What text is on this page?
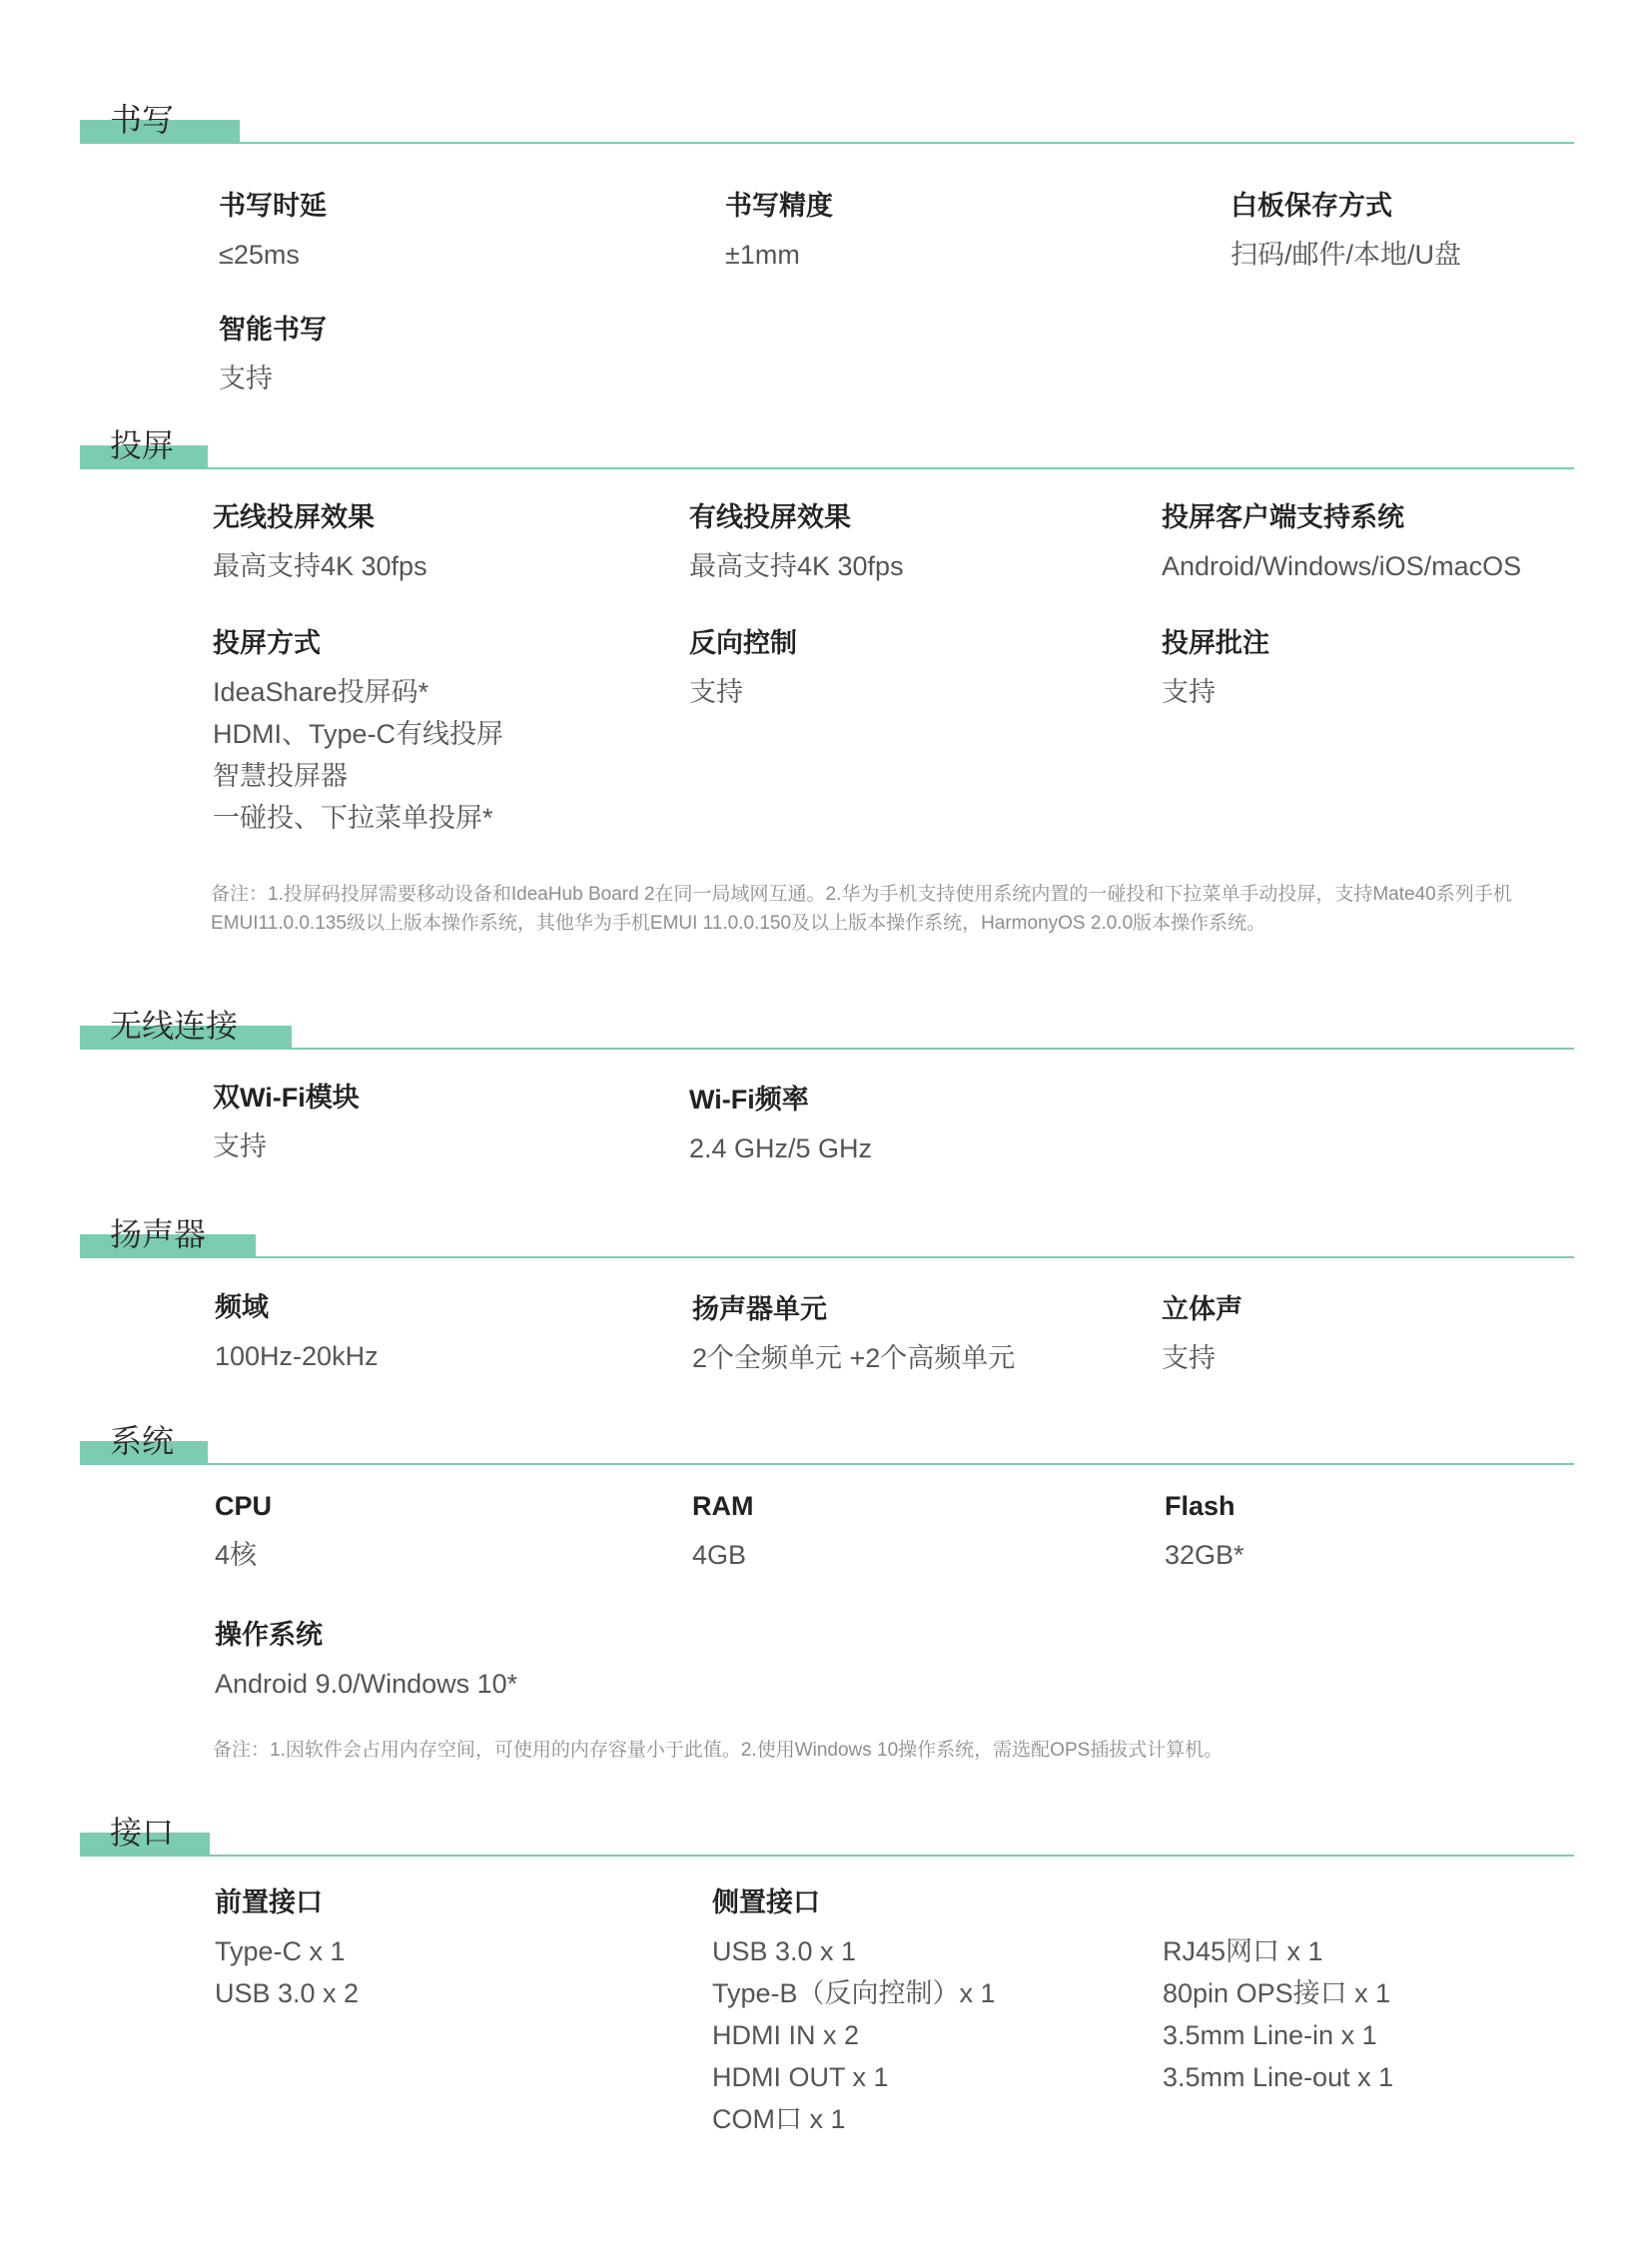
书写
书写时延
≤25ms
书写精度
±1mm
白板保存方式
扫码/邮件/本地/U盘
智能书写
支持
投屏
无线投屏效果
最高支持4K 30fps
有线投屏效果
最高支持4K 30fps
投屏客户端支持系统
Android/Windows/iOS/macOS
投屏方式
IdeaShare投屏码*
HDMI、Type-C有线投屏
智慧投屏器
一碰投、下拉菜单投屏*
反向控制
支持
投屏批注
支持
备注：1.投屏码投屏需要移动设备和IdeaHub Board 2在同一局域网互通。2.华为手机支持使用系统内置的一碰投和下拉菜单手动投屏，支持Mate40系列手机
EMUI11.0.0.135级以上版本操作系统，其他华为手机EMUI 11.0.0.150及以上版本操作系统，HarmonyOS 2.0.0版本操作系统。
无线连接
双Wi-Fi模块
支持
Wi-Fi频率
2.4 GHz/5 GHz
扬声器
频域
100Hz-20kHz
扬声器单元
2个全频单元 +2个高频单元
立体声
支持
系统
CPU
4核
RAM
4GB
Flash
32GB*
操作系统
Android 9.0/Windows 10*
备注：1.因软件会占用内存空间，可使用的内存容量小于此值。2.使用Windows 10操作系统，需选配OPS插拔式计算机。
接口
前置接口
Type-C x 1
USB 3.0 x 2
侧置接口
USB 3.0 x 1
Type-B（反向控制）x 1
HDMI IN x 2
HDMI OUT x 1
COM口 x 1
RJ45网口 x 1
80pin OPS接口 x 1
3.5mm Line-in x 1
3.5mm Line-out x 1
